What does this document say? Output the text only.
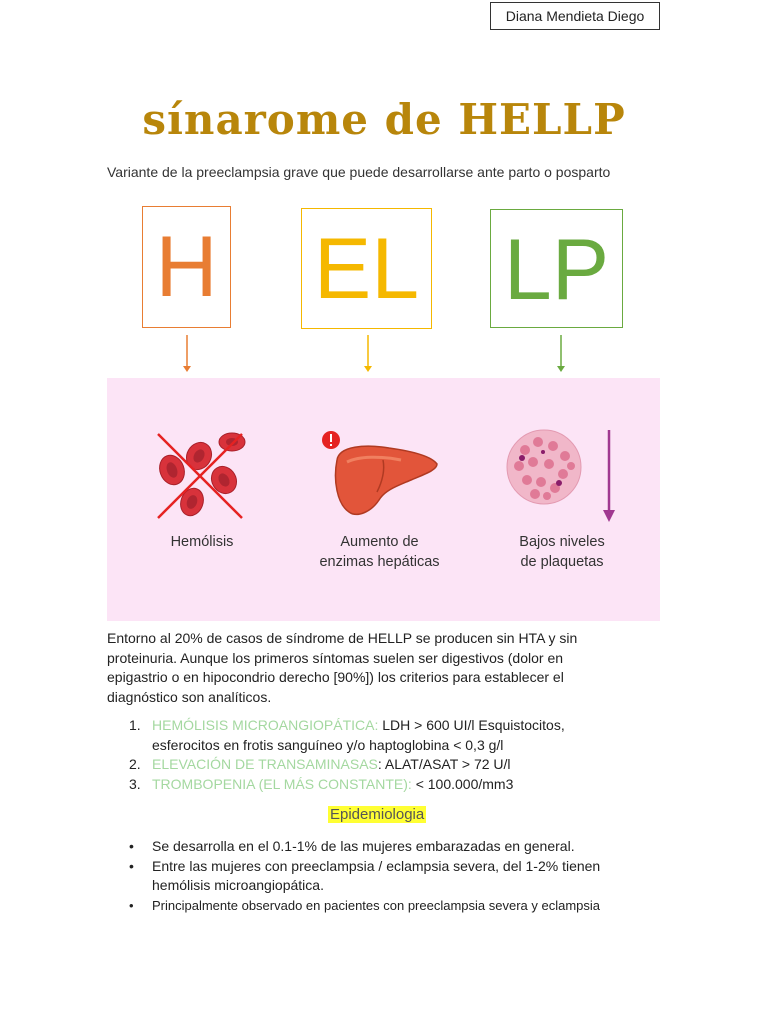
Diana Mendieta Diego
sínarome de HELLP
Variante de la preeclampsia grave que puede desarrollarse ante parto o posparto
H EL LP
Hemólisis	Aumento de
enzimas hepáticas
Bajos niveles
de plaquetas
Entorno al 20% de casos de síndrome de HELLP se producen sin HTA y sin proteinuria. Aunque los primeros síntomas suelen ser digestivos (dolor en epigastrio o en hipocondrio derecho [90%]) los criterios para establecer el diagnóstico son analíticos.
1. HEMÓLISIS MICROANGIOPÁTICA: LDH > 600 UI/l Esquistocitos, esferocitos en frotis sanguíneo y/o haptoglobina < 0,3 g/l
2. ELEVACIÓN DE TRANSAMINASAS: ALAT/ASAT > 72 U/l
3. TROMBOPENIA (EL MÁS CONSTANTE): < 100.000/mm3
Epidemiologia
• Se desarrolla en el 0.1-1% de las mujeres embarazadas en general.
• Entre las mujeres con preeclampsia / eclampsia severa, del 1-2% tienen hemólisis microangiopática.
• Principalmente observado en pacientes con preeclampsia severa y eclampsia
